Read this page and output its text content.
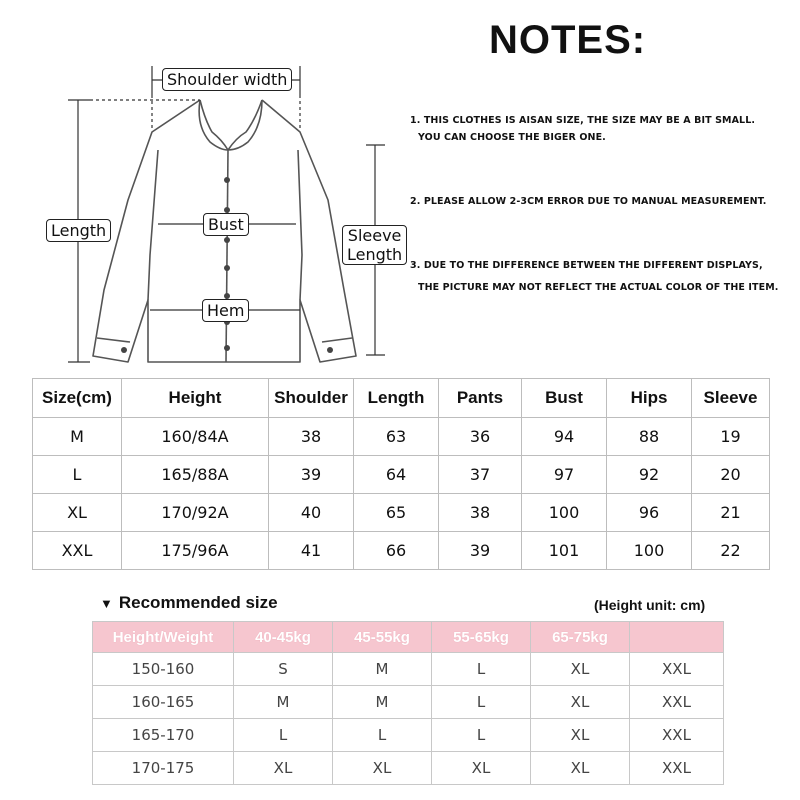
Shoulder width
Length	Bust
Hem
Sleeve
Length
NOTES:
1. THIS CLOTHES IS AISAN SIZE, THE SIZE MAY BE A BIT SMALL.
YOU CAN CHOOSE THE BIGER ONE.
2. PLEASE ALLOW 2-3CM ERROR DUE TO MANUAL MEASUREMENT.
3. DUE TO THE DIFFERENCE BETWEEN THE DIFFERENT DISPLAYS,
THE PICTURE MAY NOT REFLECT THE ACTUAL COLOR OF THE ITEM.
Size(cm)	Height	Shoulder	Length	Pants	Bust	Hips	Sleeve
M	160/84A	38	63	36	94	88	19
L	165/88A	39	64	37	97	92	20
XL	170/92A	40	65	38	100	96	21
XXL	175/96A	41	66	39	101	100	22
▼ Recommended size	(Height unit: cm)
Height/Weight	40-45kg	45-55kg	55-65kg	65-75kg	
150-160	S	M	L	XL	XXL
160-165	M	M	L	XL	XXL
165-170	L	L	L	XL	XXL
170-175	XL	XL	XL	XL	XXL
